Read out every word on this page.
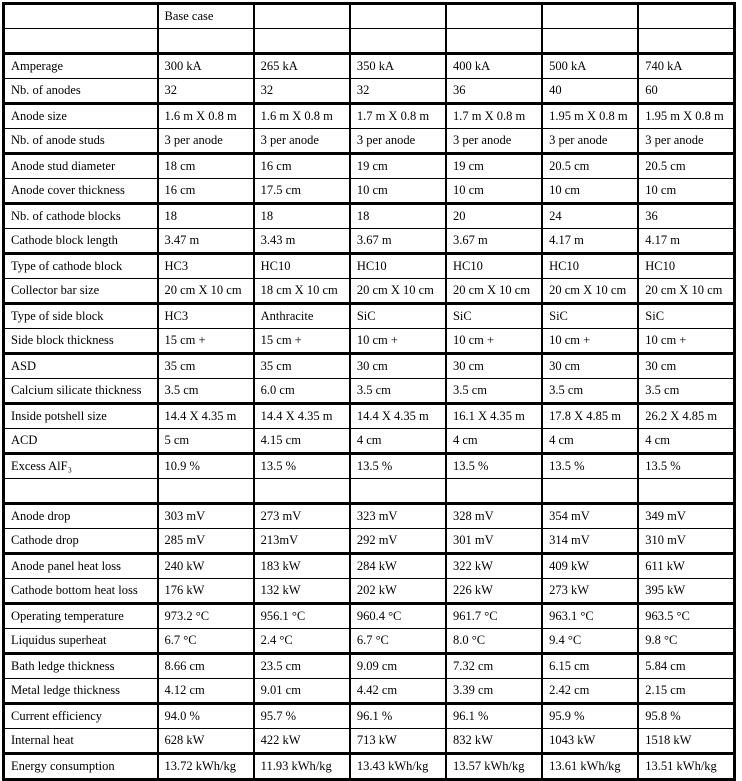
	Base case					

Amperage	300 kA	265 kA	350 kA	400 kA	500 kA	740 kA
Nb. of anodes	32	32	32	36	40	60
Anode size	1.6 m X 0.8 m	1.6 m X 0.8 m	1.7 m X 0.8 m	1.7 m X 0.8 m	1.95 m X 0.8 m	1.95 m X 0.8 m
Nb. of anode studs	3 per anode	3 per anode	3 per anode	3 per anode	3 per anode	3 per anode
Anode stud diameter	18 cm	16 cm	19 cm	19 cm	20.5 cm	20.5 cm
Anode cover thickness	16 cm	17.5 cm	10 cm	10 cm	10 cm	10 cm
Nb. of cathode blocks	18	18	18	20	24	36
Cathode block length	3.47 m	3.43 m	3.67 m	3.67 m	4.17 m	4.17 m
Type of cathode block	HC3	HC10	HC10	HC10	HC10	HC10
Collector bar size	20 cm X 10 cm	18 cm X 10 cm	20 cm X 10 cm	20 cm X 10 cm	20 cm X 10 cm	20 cm X 10 cm
Type of side block	HC3	Anthracite	SiC	SiC	SiC	SiC
Side block thickness	15 cm +	15 cm +	10 cm +	10 cm +	10 cm +	10 cm +
ASD	35 cm	35 cm	30 cm	30 cm	30 cm	30 cm
Calcium silicate thickness	3.5 cm	6.0 cm	3.5 cm	3.5 cm	3.5 cm	3.5 cm
Inside potshell size	14.4 X 4.35 m	14.4 X 4.35 m	14.4 X 4.35 m	16.1 X 4.35 m	17.8 X 4.85 m	26.2 X 4.85 m
ACD	5 cm	4.15 cm	4 cm	4 cm	4 cm	4 cm
Excess AlF₃	10.9 %	13.5 %	13.5 %	13.5 %	13.5 %	13.5 %

Anode drop	303 mV	273 mV	323 mV	328 mV	354 mV	349 mV
Cathode drop	285 mV	213mV	292 mV	301 mV	314 mV	310 mV
Anode panel heat loss	240 kW	183 kW	284 kW	322 kW	409 kW	611 kW
Cathode bottom heat loss	176 kW	132 kW	202 kW	226 kW	273 kW	395 kW
Operating temperature	973.2 °C	956.1 °C	960.4 °C	961.7 °C	963.1 °C	963.5 °C
Liquidus superheat	6.7 °C	2.4 °C	6.7 °C	8.0 °C	9.4 °C	9.8 °C
Bath ledge thickness	8.66 cm	23.5 cm	9.09 cm	7.32 cm	6.15 cm	5.84 cm
Metal ledge thickness	4.12 cm	9.01 cm	4.42 cm	3.39 cm	2.42 cm	2.15 cm
Current efficiency	94.0 %	95.7 %	96.1 %	96.1 %	95.9 %	95.8 %
Internal heat	628 kW	422 kW	713 kW	832 kW	1043 kW	1518 kW
Energy consumption	13.72 kWh/kg	11.93 kWh/kg	13.43 kWh/kg	13.57 kWh/kg	13.61 kWh/kg	13.51 kWh/kg
